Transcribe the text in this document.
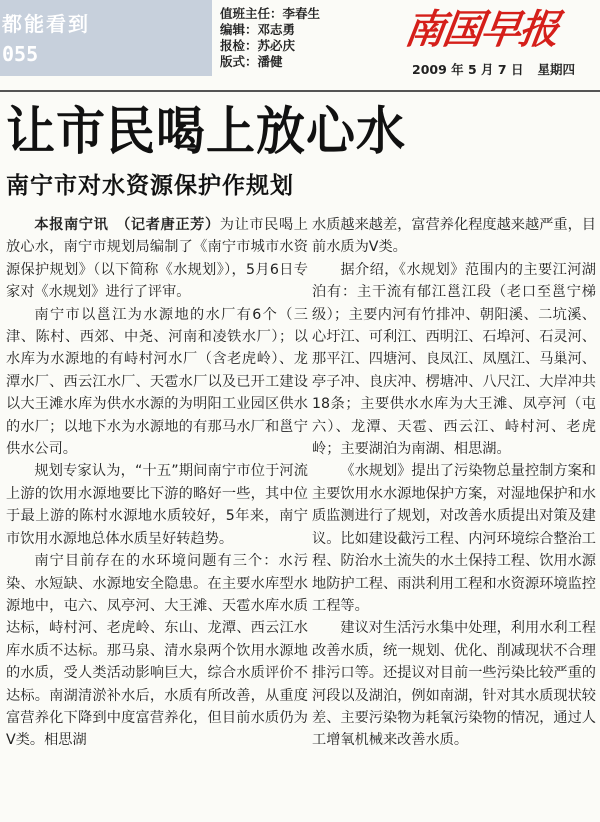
都能看到
055
值班主任：李春生
编辑：邓志勇
报检：苏必庆
版式：潘健
南国早报
2009 年 5 月 7 日 星期四
让市民喝上放心水
南宁市对水资源保护作规划

本报南宁讯　（记者唐正芳）为让市民喝上放心水，南宁市规划局编制了《南宁市城市水资源保护规划》（以下简称《水规划》），5月6日专家对《水规划》进行了评审。

南宁市以邕江为水源地的水厂有6个（三津、陈村、西郊、中尧、河南和凌铁水厂）；以水库为水源地的有峙村河水厂（含老虎岭）、龙潭水厂、西云江水厂、天雹水厂以及已开工建设以大王滩水库为供水水源的为明阳工业园区供水的水厂；以地下水为水源地的有那马水厂和邕宁供水公司。

规划专家认为，“十五”期间南宁市位于河流上游的饮用水源地要比下游的略好一些，其中位于最上游的陈村水源地水质较好，5年来，南宁市饮用水源地总体水质呈好转趋势。

南宁目前存在的水环境问题有三个：水污染、水短缺、水源地安全隐患。在主要水库型水源地中，屯六、凤亭河、大王滩、天雹水库水质达标，峙村河、老虎岭、东山、龙潭、西云江水库水质不达标。那马泉、清水泉两个饮用水源地的水质，受人类活动影响巨大，综合水质评价不达标。南湖清淤补水后，水质有所改善，从重度富营养化下降到中度富营养化，但目前水质仍为V类。相思湖

水质越来越差，富营养化程度越来越严重，目前水质为V类。

据介绍，《水规划》范围内的主要江河湖泊有：主干流有郁江邕江段（老口至邕宁梯级）；主要内河有竹排冲、朝阳溪、二坑溪、心圩江、可利江、西明江、石埠河、石灵河、那平江、四塘河、良凤江、凤凰江、马巢河、亭子冲、良庆冲、楞塘冲、八尺江、大岸冲共18条；主要供水水库为大王滩、凤亭河（屯六）、龙潭、天雹、西云江、峙村河、老虎岭；主要湖泊为南湖、相思湖。

《水规划》提出了污染物总量控制方案和主要饮用水水源地保护方案，对湿地保护和水质监测进行了规划，对改善水质提出对策及建议。比如建设截污工程、内河环境综合整治工程、防治水土流失的水土保持工程、饮用水源地防护工程、雨洪利用工程和水资源环境监控工程等。

建议对生活污水集中处理，利用水利工程改善水质，统一规划、优化、削减现状不合理排污口等。还提议对目前一些污染比较严重的河段以及湖泊，例如南湖，针对其水质现状较差、主要污染物为耗氧污染物的情况，通过人工增氧机械来改善水质。
